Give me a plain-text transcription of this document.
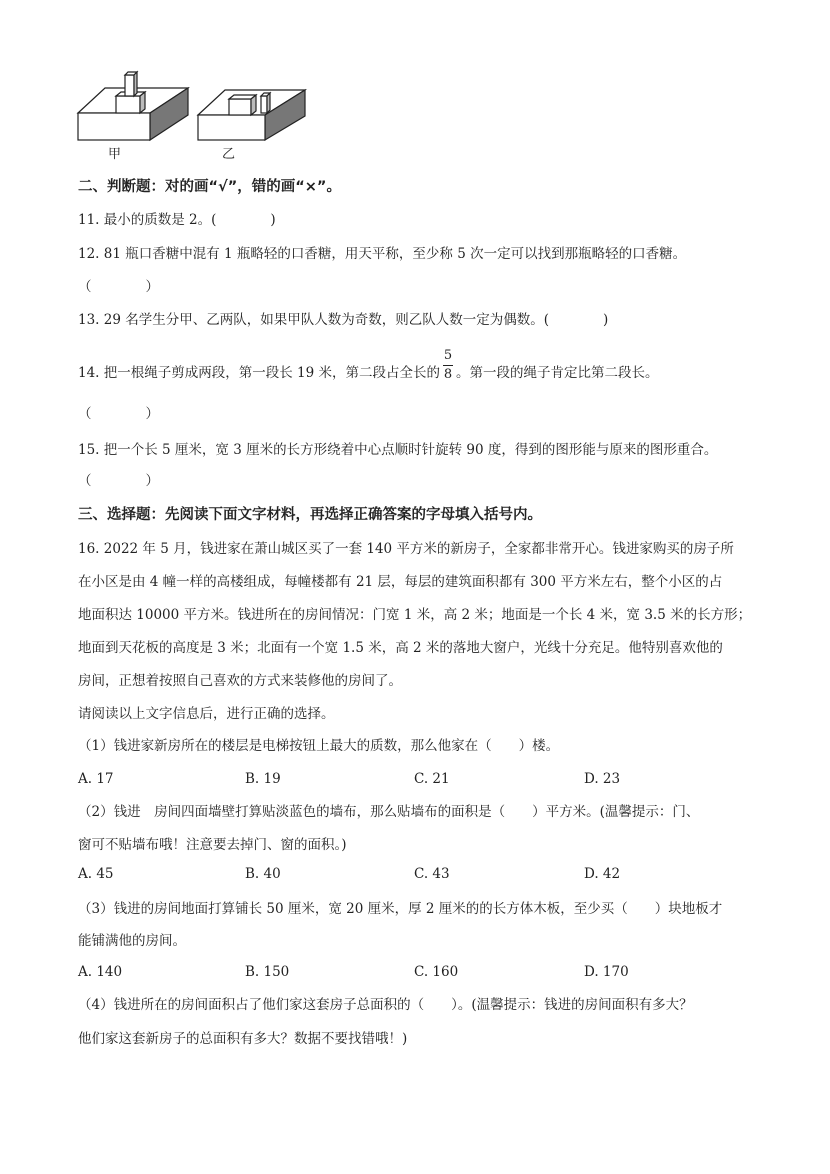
甲	乙
二、判断题：对的画“√”，错的画“×”。
11. 最小的质数是 2。(　　　　)
12. 81 瓶口香糖中混有 1 瓶略轻的口香糖，用天平称，至少称 5 次一定可以找到那瓶略轻的口香糖。
（　　　　）
13. 29 名学生分甲、乙两队，如果甲队人数为奇数，则乙队人数一定为偶数。(　　　　)
14. 把一根绳子剪成两段，第一段长 19 米，第二段占全长的 $\frac{5}{8}$ 。第一段的绳子肯定比第二段长。
（　　　　）
15. 把一个长 5 厘米，宽 3 厘米的长方形绕着中心点顺时针旋转 90 度，得到的图形能与原来的图形重合。
（　　　　）
三、选择题：先阅读下面文字材料，再选择正确答案的字母填入括号内。
16. 2022 年 5 月，钱进家在萧山城区买了一套 140 平方米的新房子，全家都非常开心。钱进家购买的房子所
在小区是由 4 幢一样的高楼组成，每幢楼都有 21 层，每层的建筑面积都有 300 平方米左右，整个小区的占
地面积达 10000 平方米。钱进所在的房间情况：门宽 1 米，高 2 米；地面是一个长 4 米，宽 3.5 米的长方形；
地面到天花板的高度是 3 米；北面有一个宽 1.5 米，高 2 米的落地大窗户，光线十分充足。他特别喜欢他的
房间，正想着按照自己喜欢的方式来装修他的房间了。
请阅读以上文字信息后，进行正确的选择。
（1）钱进家新房所在的楼层是电梯按钮上最大的质数，那么他家在（　　）楼。
A. 17	B. 19	C. 21	D. 23
（2）钱进　房间四面墙壁打算贴淡蓝色的墙布，那么贴墙布的面积是（　　）平方米。(温馨提示：门、
窗可不贴墙布哦！注意要去掉门、窗的面积。)
A. 45	B. 40	C. 43	D. 42
（3）钱进的房间地面打算铺长 50 厘米，宽 20 厘米，厚 2 厘米的的长方体木板，至少买（　　）块地板才
能铺满他的房间。
A. 140	B. 150	C. 160	D. 170
（4）钱进所在的房间面积占了他们家这套房子总面积的（　　）。(温馨提示：钱进的房间面积有多大？
他们家这套新房子的总面积有多大？数据不要找错哦！)
